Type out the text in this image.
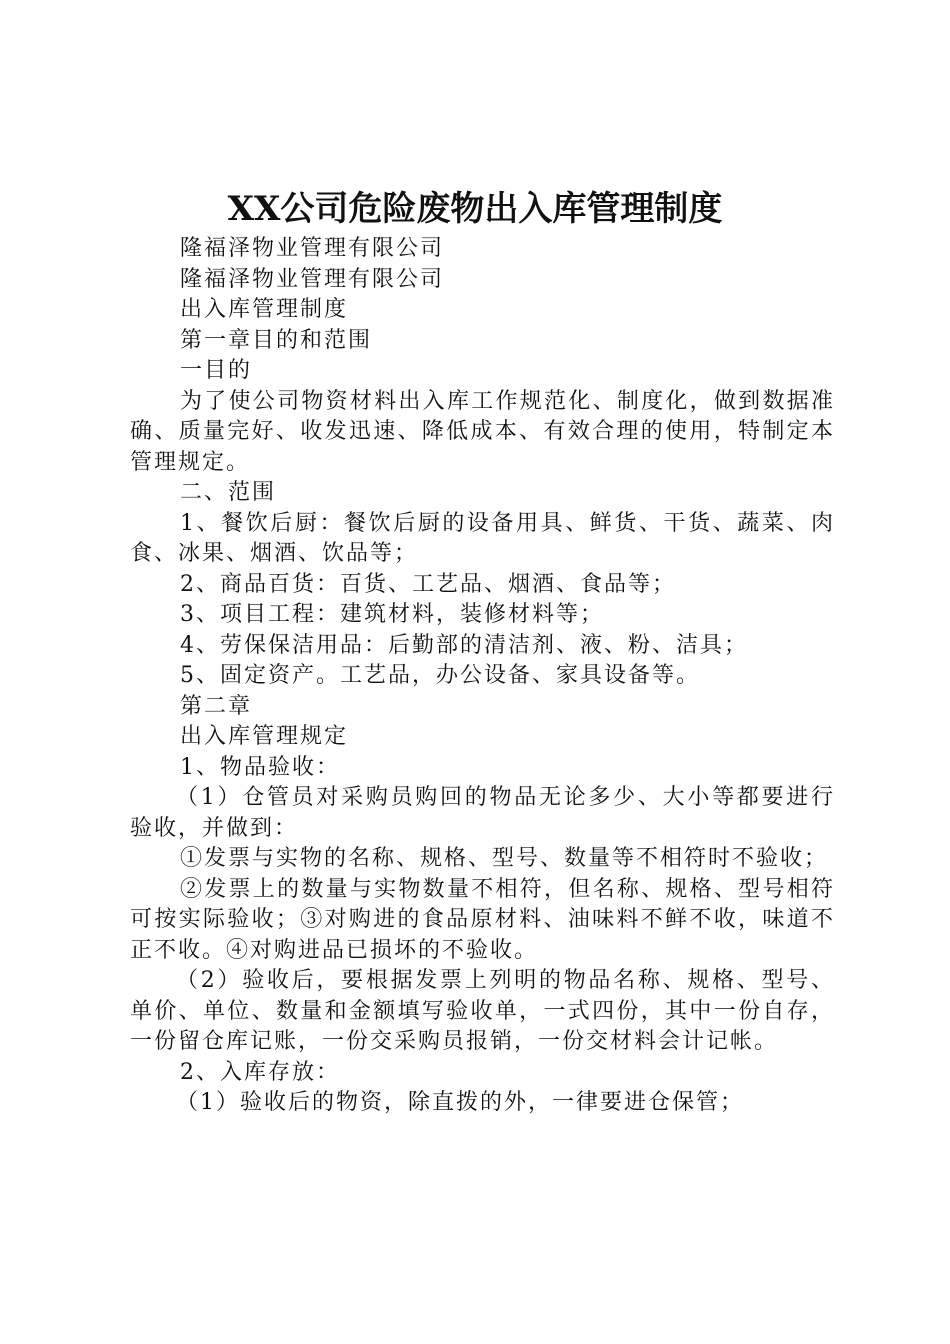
XX公司危险废物出入库管理制度

隆福泽物业管理有限公司

隆福泽物业管理有限公司

出入库管理制度

第一章目的和范围

一目的

为了使公司物资材料出入库工作规范化、制度化，做到数据准确、质量完好、收发迅速、降低成本、有效合理的使用，特制定本管理规定。

二、范围

1、餐饮后厨：餐饮后厨的设备用具、鲜货、干货、蔬菜、肉食、冰果、烟酒、饮品等；

2、商品百货：百货、工艺品、烟酒、食品等；

3、项目工程：建筑材料，装修材料等；

4、劳保保洁用品：后勤部的清洁剂、液、粉、洁具；

5、固定资产。工艺品，办公设备、家具设备等。

第二章

出入库管理规定

1、物品验收：

（1）仓管员对采购员购回的物品无论多少、大小等都要进行验收，并做到：

①发票与实物的名称、规格、型号、数量等不相符时不验收；

②发票上的数量与实物数量不相符，但名称、规格、型号相符可按实际验收；③对购进的食品原材料、油味料不鲜不收，味道不正不收。④对购进品已损坏的不验收。

（2）验收后，要根据发票上列明的物品名称、规格、型号、单价、单位、数量和金额填写验收单，一式四份，其中一份自存，一份留仓库记账，一份交采购员报销，一份交材料会计记帐。

2、入库存放：

（1）验收后的物资，除直拨的外，一律要进仓保管；
